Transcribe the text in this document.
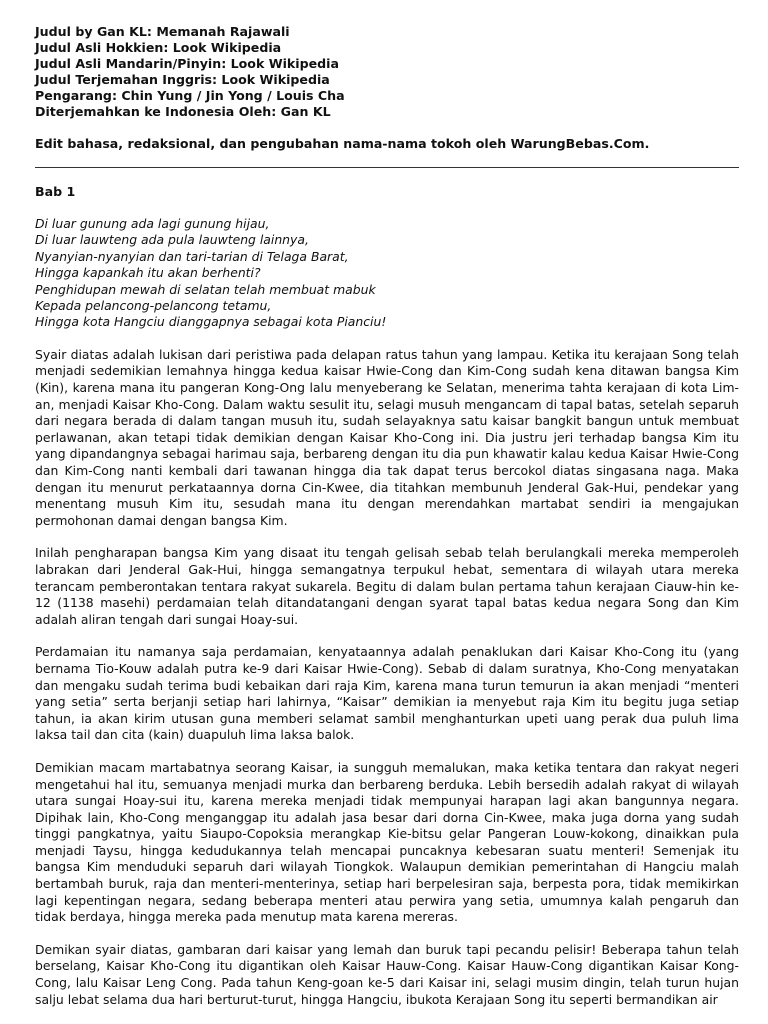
Judul by Gan KL: Memanah Rajawali
Judul Asli Hokkien: Look Wikipedia
Judul Asli Mandarin/Pinyin: Look Wikipedia
Judul Terjemahan Inggris: Look Wikipedia
Pengarang: Chin Yung / Jin Yong / Louis Cha
Diterjemahkan ke Indonesia Oleh: Gan KL
Edit bahasa, redaksional, dan pengubahan nama-nama tokoh oleh WarungBebas.Com.
Bab 1
Di luar gunung ada lagi gunung hijau,
Di luar lauwteng ada pula lauwteng lainnya,
Nyanyian-nyanyian dan tari-tarian di Telaga Barat,
Hingga kapankah itu akan berhenti?
Penghidupan mewah di selatan telah membuat mabuk
Kepada pelancong-pelancong tetamu,
Hingga kota Hangciu dianggapnya sebagai kota Pianciu!

Syair diatas adalah lukisan dari peristiwa pada delapan ratus tahun yang lampau. Ketika itu kerajaan Song telah menjadi sedemikian lemahnya hingga kedua kaisar Hwie-Cong dan Kim-Cong sudah kena ditawan bangsa Kim (Kin), karena mana itu pangeran Kong-Ong lalu menyeberang ke Selatan, menerima tahta kerajaan di kota Lim-an, menjadi Kaisar Kho-Cong. Dalam waktu sesulit itu, selagi musuh mengancam di tapal batas, setelah separuh dari negara berada di dalam tangan musuh itu, sudah selayaknya satu kaisar bangkit bangun untuk membuat perlawanan, akan tetapi tidak demikian dengan Kaisar Kho-Cong ini. Dia justru jeri terhadap bangsa Kim itu yang dipandangnya sebagai harimau saja, berbareng dengan itu dia pun khawatir kalau kedua Kaisar Hwie-Cong dan Kim-Cong nanti kembali dari tawanan hingga dia tak dapat terus bercokol diatas singasana naga. Maka dengan itu menurut perkataannya dorna Cin-Kwee, dia titahkan membunuh Jenderal Gak-Hui, pendekar yang menentang musuh Kim itu, sesudah mana itu dengan merendahkan martabat sendiri ia mengajukan permohonan damai dengan bangsa Kim.

Inilah pengharapan bangsa Kim yang disaat itu tengah gelisah sebab telah berulangkali mereka memperoleh labrakan dari Jenderal Gak-Hui, hingga semangatnya terpukul hebat, sementara di wilayah utara mereka terancam pemberontakan tentara rakyat sukarela. Begitu di dalam bulan pertama tahun kerajaan Ciauw-hin ke-12 (1138 masehi) perdamaian telah ditandatangani dengan syarat tapal batas kedua negara Song dan Kim adalah aliran tengah dari sungai Hoay-sui.

Perdamaian itu namanya saja perdamaian, kenyataannya adalah penaklukan dari Kaisar Kho-Cong itu (yang bernama Tio-Kouw adalah putra ke-9 dari Kaisar Hwie-Cong). Sebab di dalam suratnya, Kho-Cong menyatakan dan mengaku sudah terima budi kebaikan dari raja Kim, karena mana turun temurun ia akan menjadi “menteri yang setia” serta berjanji setiap hari lahirnya, “Kaisar” demikian ia menyebut raja Kim itu begitu juga setiap tahun, ia akan kirim utusan guna memberi selamat sambil menghanturkan upeti uang perak dua puluh lima laksa tail dan cita (kain) duapuluh lima laksa balok.

Demikian macam martabatnya seorang Kaisar, ia sungguh memalukan, maka ketika tentara dan rakyat negeri mengetahui hal itu, semuanya menjadi murka dan berbareng berduka. Lebih bersedih adalah rakyat di wilayah utara sungai Hoay-sui itu, karena mereka menjadi tidak mempunyai harapan lagi akan bangunnya negara. Dipihak lain, Kho-Cong menganggap itu adalah jasa besar dari dorna Cin-Kwee, maka juga dorna yang sudah tinggi pangkatnya, yaitu Siaupo-Copoksia merangkap Kie-bitsu gelar Pangeran Louw-kokong, dinaikkan pula menjadi Taysu, hingga kedudukannya telah mencapai puncaknya kebesaran suatu menteri! Semenjak itu bangsa Kim menduduki separuh dari wilayah Tiongkok. Walaupun demikian pemerintahan di Hangciu malah bertambah buruk, raja dan menteri-menterinya, setiap hari berpelesiran saja, berpesta pora, tidak memikirkan lagi kepentingan negara, sedang beberapa menteri atau perwira yang setia, umumnya kalah pengaruh dan tidak berdaya, hingga mereka pada menutup mata karena mereras.

Demikan syair diatas, gambaran dari kaisar yang lemah dan buruk tapi pecandu pelisir! Beberapa tahun telah berselang, Kaisar Kho-Cong itu digantikan oleh Kaisar Hauw-Cong. Kaisar Hauw-Cong digantikan Kaisar Kong-Cong, lalu Kaisar Leng Cong. Pada tahun Keng-goan ke-5 dari Kaisar ini, selagi musim dingin, telah turun hujan salju lebat selama dua hari berturut-turut, hingga Hangciu, ibukota Kerajaan Song itu seperti bermandikan air
